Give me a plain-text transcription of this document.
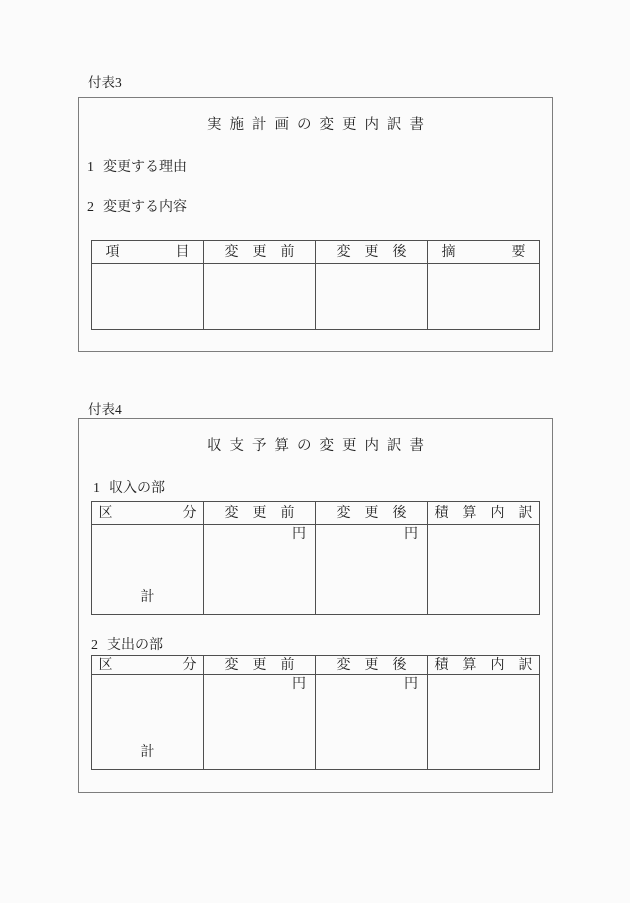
付表3
実施計画の変更内訳書
1 変更する理由
2 変更する内容
項　　　　目	変　更　前	変　更　後	摘　　　　要

付表4
収支予算の変更内訳書
1 収入の部
区　　　　　分	変　更　前	変　更　後	積　算　内　訳

計	円	円	

2 支出の部
区　　　　　分	変　更　前	変　更　後	積　算　内　訳

計	円	円	
